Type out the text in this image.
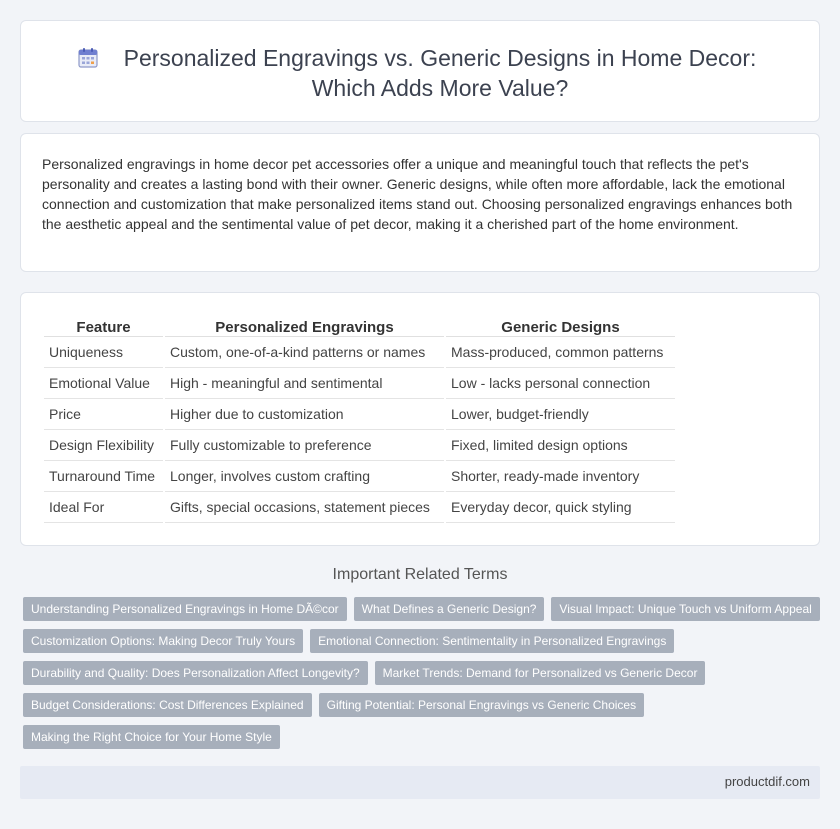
Personalized Engravings vs. Generic Designs in Home Decor: Which Adds More Value?

Personalized engravings in home decor pet accessories offer a unique and meaningful touch that reflects the pet's personality and creates a lasting bond with their owner. Generic designs, while often more affordable, lack the emotional connection and customization that make personalized items stand out. Choosing personalized engravings enhances both the aesthetic appeal and the sentimental value of pet decor, making it a cherished part of the home environment.

Feature	Personalized Engravings	Generic Designs
Uniqueness	Custom, one-of-a-kind patterns or names	Mass-produced, common patterns
Emotional Value	High - meaningful and sentimental	Low - lacks personal connection
Price	Higher due to customization	Lower, budget-friendly
Design Flexibility	Fully customizable to preference	Fixed, limited design options
Turnaround Time	Longer, involves custom crafting	Shorter, ready-made inventory
Ideal For	Gifts, special occasions, statement pieces	Everyday decor, quick styling
Important Related Terms
Understanding Personalized Engravings in Home DÃ©cor	What Defines a Generic Design?	Visual Impact: Unique Touch vs Uniform Appeal
Customization Options: Making Decor Truly Yours	Emotional Connection: Sentimentality in Personalized Engravings
Durability and Quality: Does Personalization Affect Longevity?	Market Trends: Demand for Personalized vs Generic Decor
Budget Considerations: Cost Differences Explained	Gifting Potential: Personal Engravings vs Generic Choices
Making the Right Choice for Your Home Style
productdif.com
